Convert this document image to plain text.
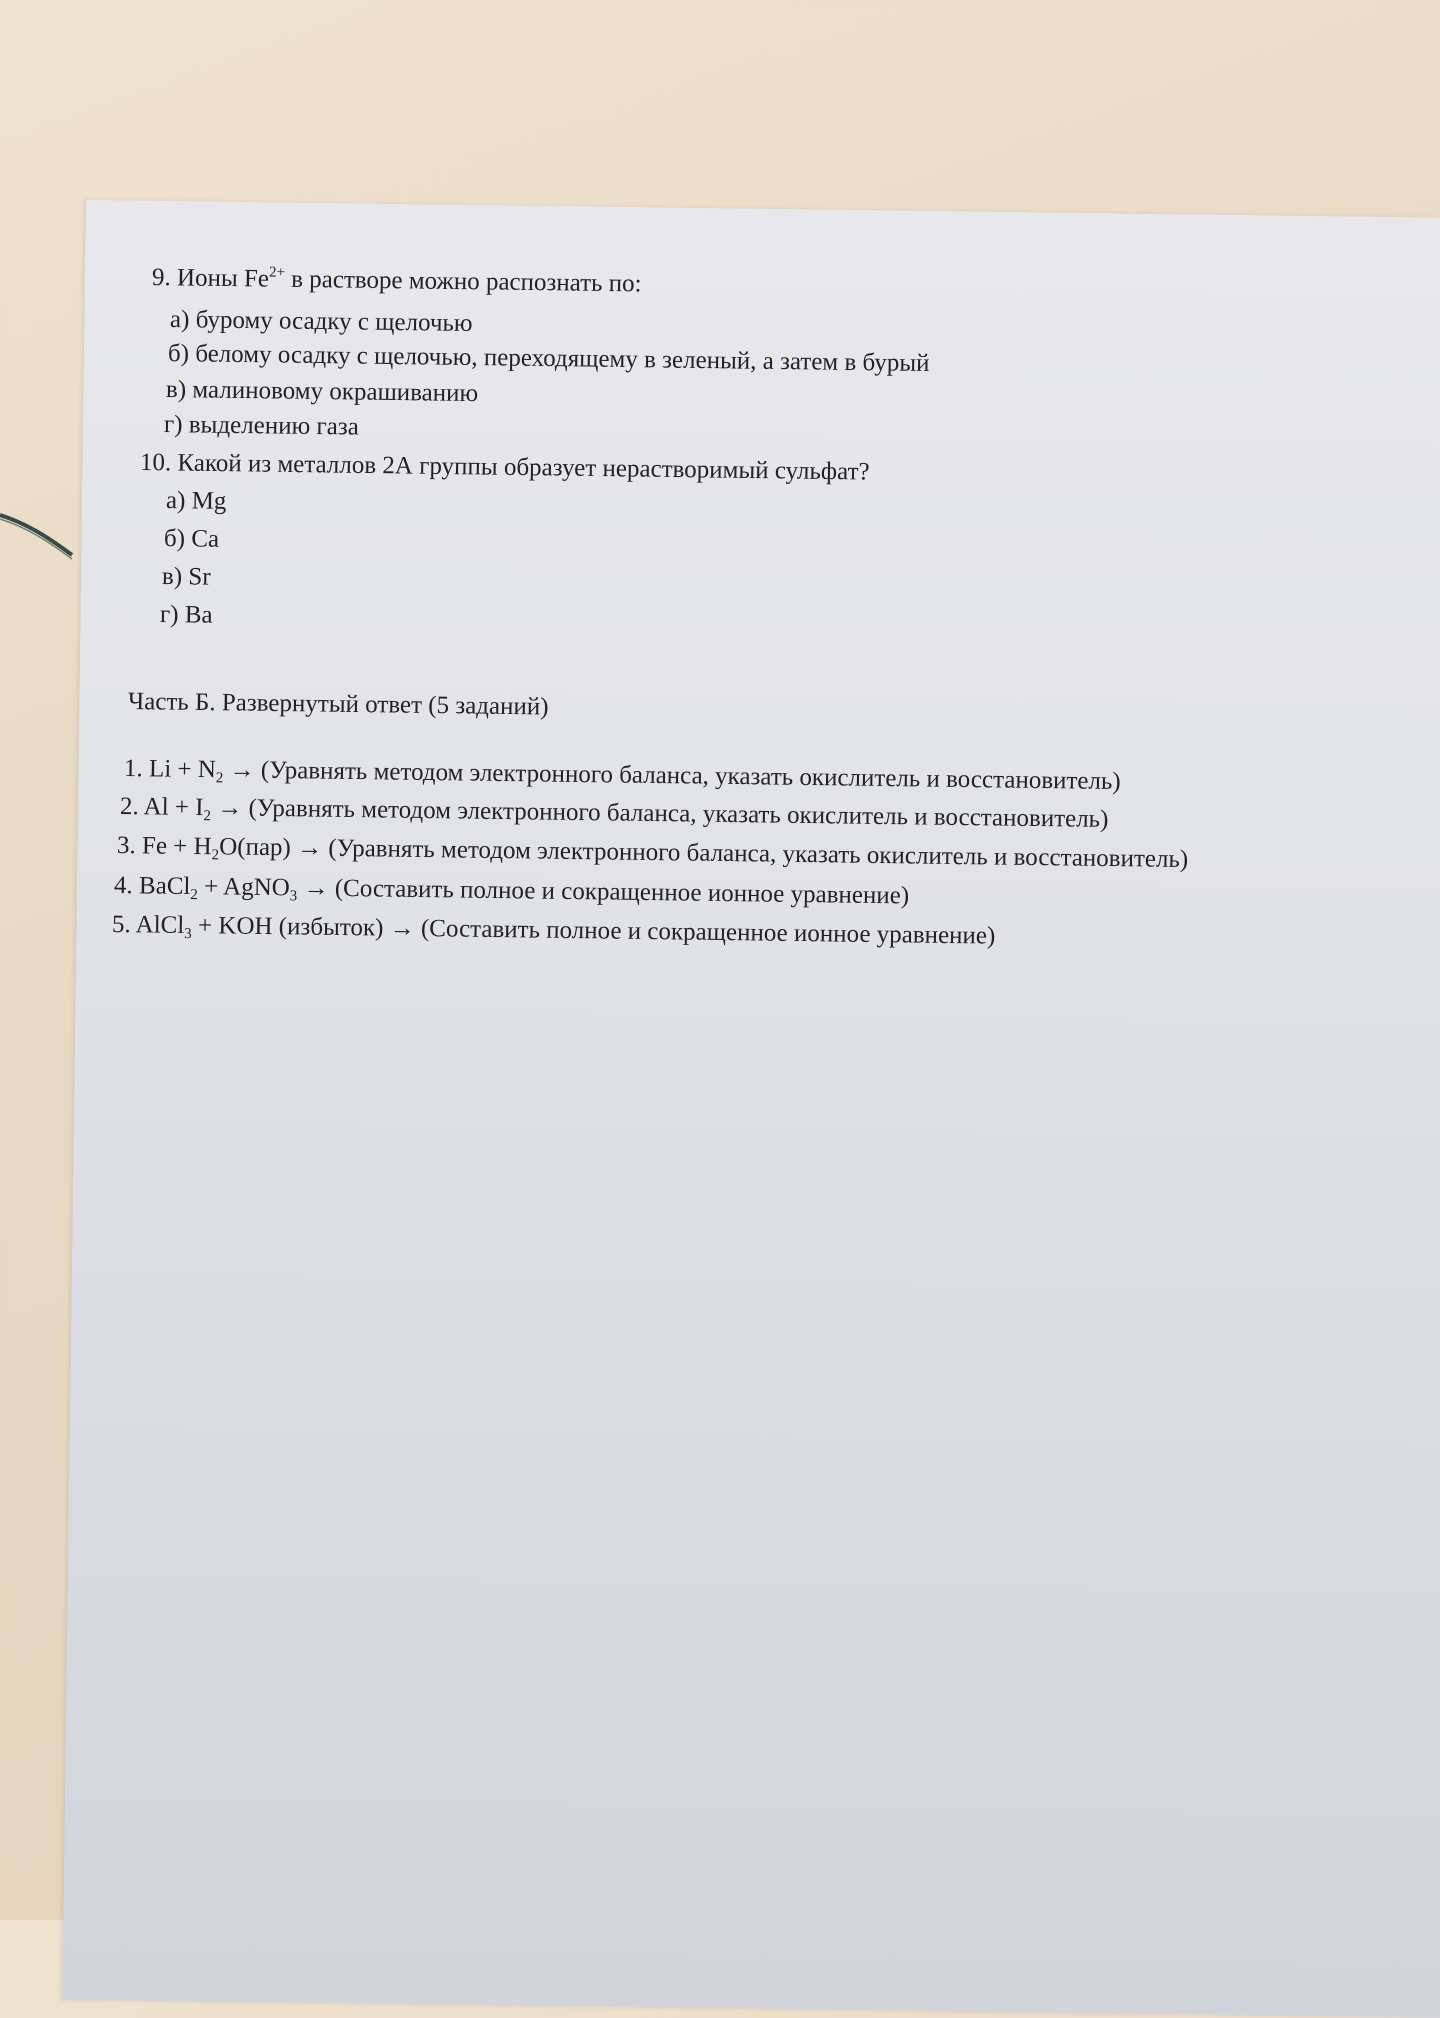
9. Ионы $Fe^{2+}$ в растворе можно распознать по:
а) бурому осадку с щелочью
б) белому осадку с щелочью, переходящему в зеленый, а затем в бурый
в) малиновому окрашиванию
г) выделению газа
10. Какой из металлов 2А группы образует нерастворимый сульфат?
а) Mg
б) Ca
в) Sr
г) Ba
Часть Б. Развернутый ответ (5 заданий)
1. $Li + N_2$ → (Уравнять методом электронного баланса, указать окислитель и восстановитель)
2. $Al + I_2$ → (Уравнять методом электронного баланса, указать окислитель и восстановитель)
3. $Fe + H_2O(пар)$ → (Уравнять методом электронного баланса, указать окислитель и восстановитель)
4. BaCl$_2$ + AgNO$_3$ → (Составить полное и сокращенное ионное уравнение)
5. AlCl$_3$ + KOH (избыток) → (Составить полное и сокращенное ионное уравнение)
